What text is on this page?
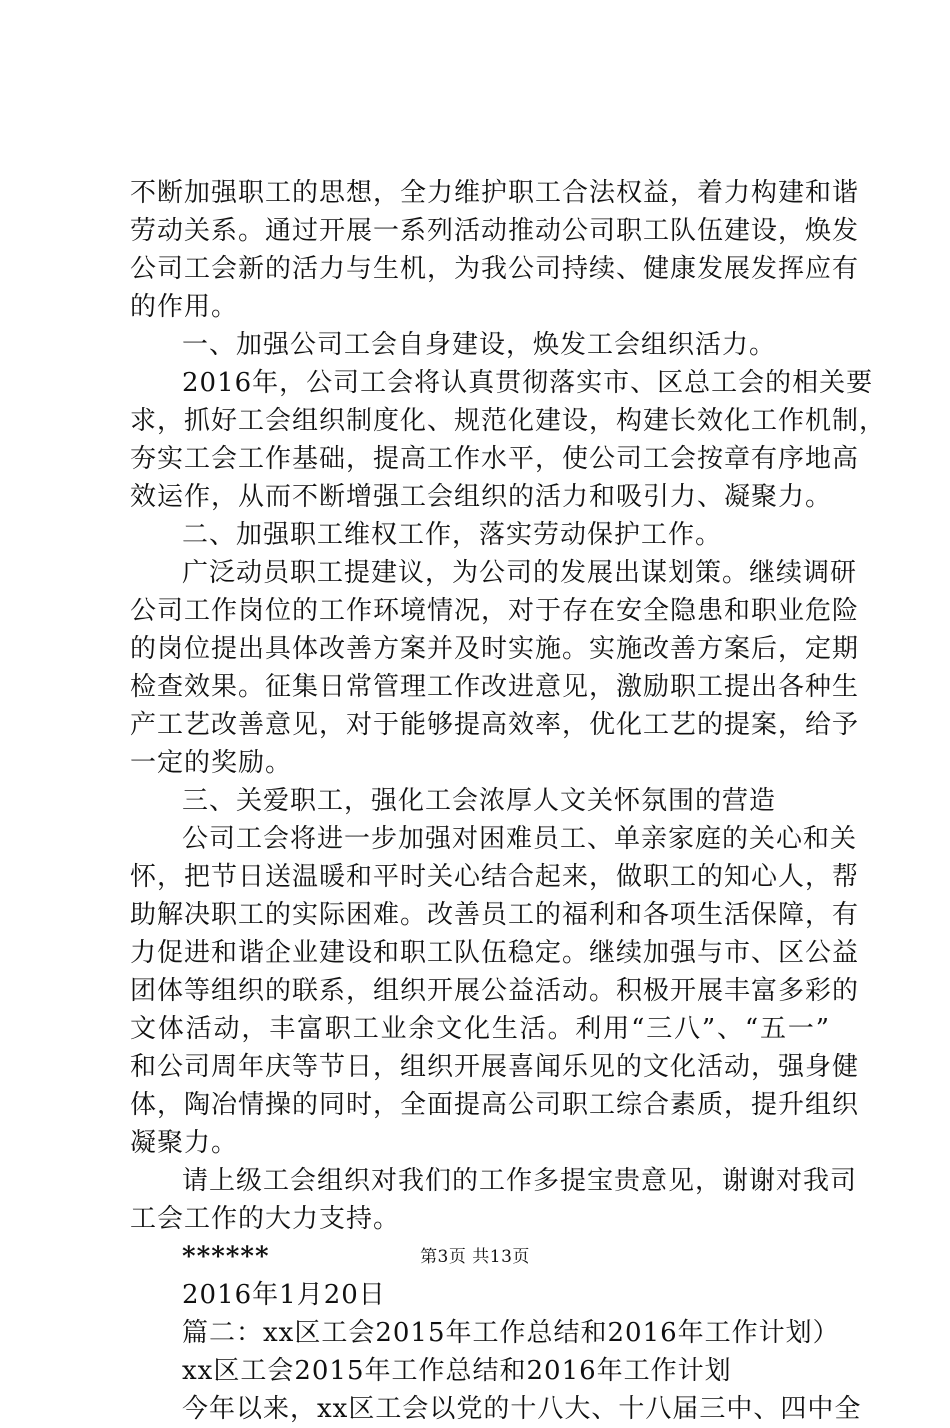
不断加强职工的思想，全力维护职工合法权益，着力构建和谐
劳动关系。通过开展一系列活动推动公司职工队伍建设，焕发
公司工会新的活力与生机，为我公司持续、健康发展发挥应有
的作用。
一、加强公司工会自身建设，焕发工会组织活力。
2016年，公司工会将认真贯彻落实市、区总工会的相关要
求，抓好工会组织制度化、规范化建设，构建长效化工作机制，
夯实工会工作基础，提高工作水平，使公司工会按章有序地高
效运作，从而不断增强工会组织的活力和吸引力、凝聚力。
二、加强职工维权工作，落实劳动保护工作。
广泛动员职工提建议，为公司的发展出谋划策。继续调研
公司工作岗位的工作环境情况，对于存在安全隐患和职业危险
的岗位提出具体改善方案并及时实施。实施改善方案后，定期
检查效果。征集日常管理工作改进意见，激励职工提出各种生
产工艺改善意见，对于能够提高效率，优化工艺的提案，给予
一定的奖励。
三、关爱职工，强化工会浓厚人文关怀氛围的营造
公司工会将进一步加强对困难员工、单亲家庭的关心和关
怀，把节日送温暖和平时关心结合起来，做职工的知心人，帮
助解决职工的实际困难。改善员工的福利和各项生活保障，有
力促进和谐企业建设和职工队伍稳定。继续加强与市、区公益
团体等组织的联系，组织开展公益活动。积极开展丰富多彩的
文体活动，丰富职工业余文化生活。利用“三八”、“五一”
和公司周年庆等节日，组织开展喜闻乐见的文化活动，强身健
体，陶冶情操的同时，全面提高公司职工综合素质，提升组织
凝聚力。
请上级工会组织对我们的工作多提宝贵意见，谢谢对我司
工会工作的大力支持。
******
2016年1月20日
篇二：xx区工会2015年工作总结和2016年工作计划）
xx区工会2015年工作总结和2016年工作计划
今年以来，xx区工会以党的十八大、十八届三中、四中全
第3页 共13页
